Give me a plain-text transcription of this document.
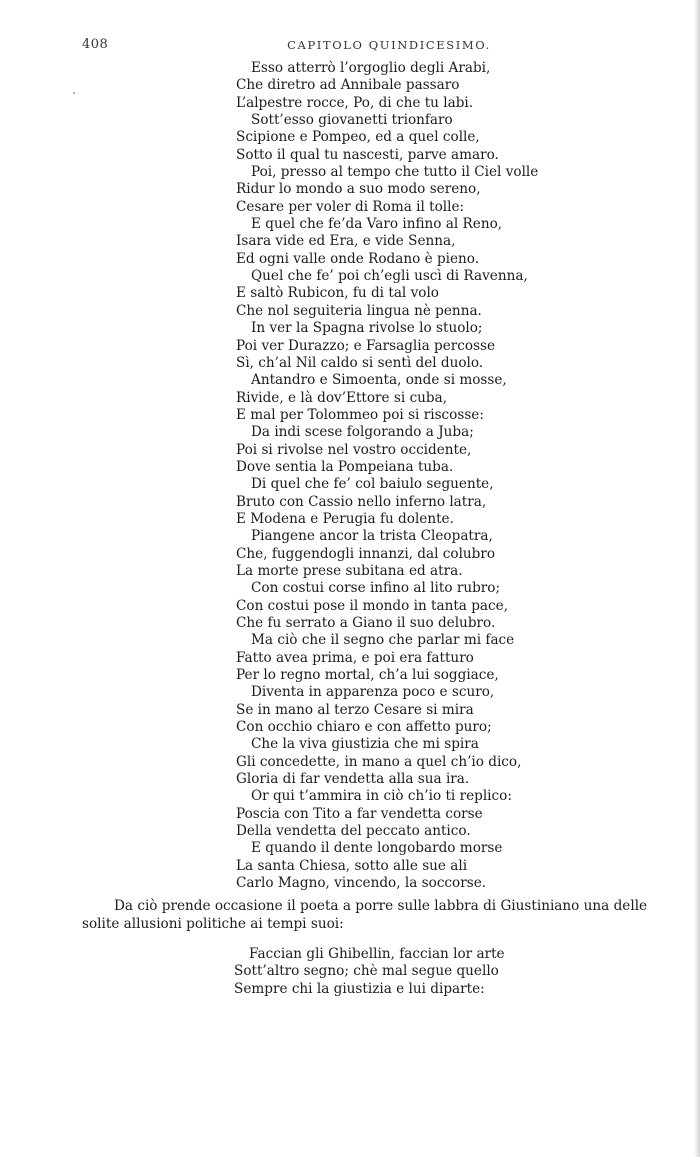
408	CAPITOLO QUINDICESIMO.
Esso atterrò l’orgoglio degli Arabi,
Che diretro ad Annibale passaro
L’alpestre rocce, Po, di che tu labi.
Sott’esso giovanetti trionfaro
Scipione e Pompeo, ed a quel colle,
Sotto il qual tu nascesti, parve amaro.
Poi, presso al tempo che tutto il Ciel volle
Ridur lo mondo a suo modo sereno,
Cesare per voler di Roma il tolle:
E quel che fe’da Varo infino al Reno,
Isara vide ed Era, e vide Senna,
Ed ogni valle onde Rodano è pieno.
Quel che fe’ poi ch’egli uscì di Ravenna,
E saltò Rubicon, fu di tal volo
Che nol seguiteria lingua nè penna.
In ver la Spagna rivolse lo stuolo;
Poi ver Durazzo; e Farsaglia percosse
Sì, ch’al Nil caldo si sentì del duolo.
Antandro e Simoenta, onde si mosse,
Rivide, e là dov’Ettore si cuba,
E mal per Tolommeo poi si riscosse:
Da indi scese folgorando a Juba;
Poi si rivolse nel vostro occidente,
Dove sentia la Pompeiana tuba.
Di quel che fe’ col baiulo seguente,
Bruto con Cassio nello inferno latra,
E Modena e Perugia fu dolente.
Piangene ancor la trista Cleopatra,
Che, fuggendogli innanzi, dal colubro
La morte prese subitana ed atra.
Con costui corse infino al lito rubro;
Con costui pose il mondo in tanta pace,
Che fu serrato a Giano il suo delubro.
Ma ciò che il segno che parlar mi face
Fatto avea prima, e poi era fatturo
Per lo regno mortal, ch’a lui soggiace,
Diventa in apparenza poco e scuro,
Se in mano al terzo Cesare si mira
Con occhio chiaro e con affetto puro;
Che la viva giustizia che mi spira
Gli concedette, in mano a quel ch’io dico,
Gloria di far vendetta alla sua ira.
Or qui t’ammira in ciò ch’io ti replico:
Poscia con Tito a far vendetta corse
Della vendetta del peccato antico.
E quando il dente longobardo morse
La santa Chiesa, sotto alle sue ali
Carlo Magno, vincendo, la soccorse.
Da ciò prende occasione il poeta a porre sulle labbra di Giustiniano una delle
solite allusioni politiche ai tempi suoi:
Faccian gli Ghibellin, faccian lor arte
Sott’altro segno; chè mal segue quello
Sempre chi la giustizia e lui diparte:
